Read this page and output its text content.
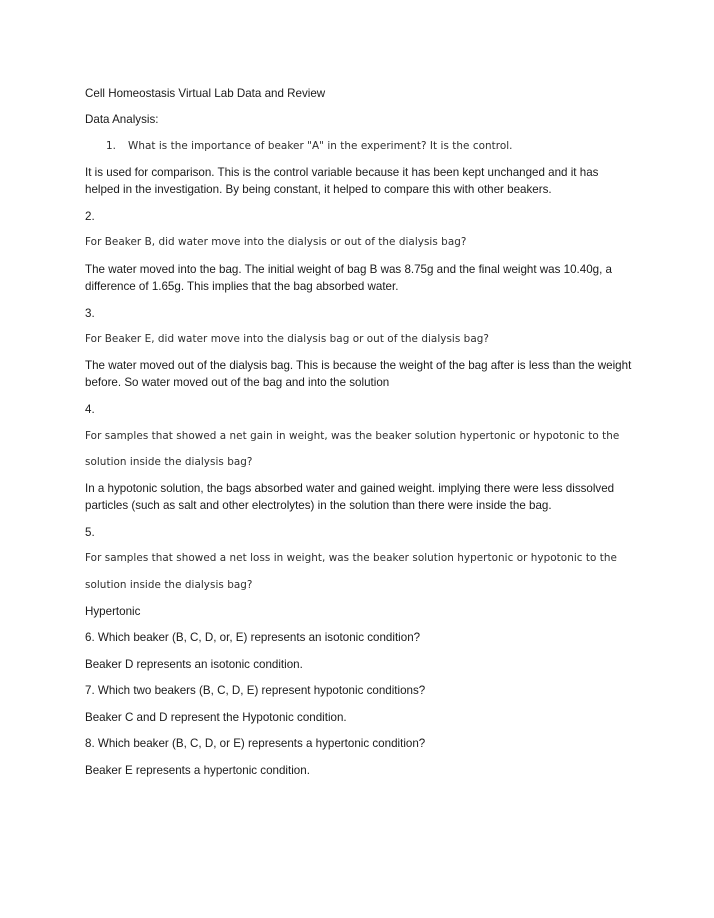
Cell Homeostasis Virtual Lab Data and Review

Data Analysis:

1.	What is the importance of beaker "A" in the experiment? It is the control.

It is used for comparison. This is the control variable because it has been kept unchanged and it has helped in the investigation. By being constant, it helped to compare this with other beakers.

2.

For Beaker B, did water move into the dialysis or out of the dialysis bag?

The water moved into the bag. The initial weight of bag B was 8.75g and the final weight was 10.40g, a difference of 1.65g. This implies that the bag absorbed water.

3.

For Beaker E, did water move into the dialysis bag or out of the dialysis bag?

The water moved out of the dialysis bag. This is because the weight of the bag after is less than the weight before. So water moved out of the bag and into the solution

4.

For samples that showed a net gain in weight, was the beaker solution hypertonic or hypotonic to the

solution inside the dialysis bag?

In a hypotonic solution, the bags absorbed water and gained weight. implying there were less dissolved particles (such as salt and other electrolytes) in the solution than there were inside the bag.

5.

For samples that showed a net loss in weight, was the beaker solution hypertonic or hypotonic to the

solution inside the dialysis bag?

Hypertonic

6. Which beaker (B, C, D, or, E) represents an isotonic condition?

Beaker D represents an isotonic condition.

7. Which two beakers (B, C, D, E) represent hypotonic conditions?

Beaker C and D represent the Hypotonic condition.

8. Which beaker (B, C, D, or E) represents a hypertonic condition?

Beaker E represents a hypertonic condition.
